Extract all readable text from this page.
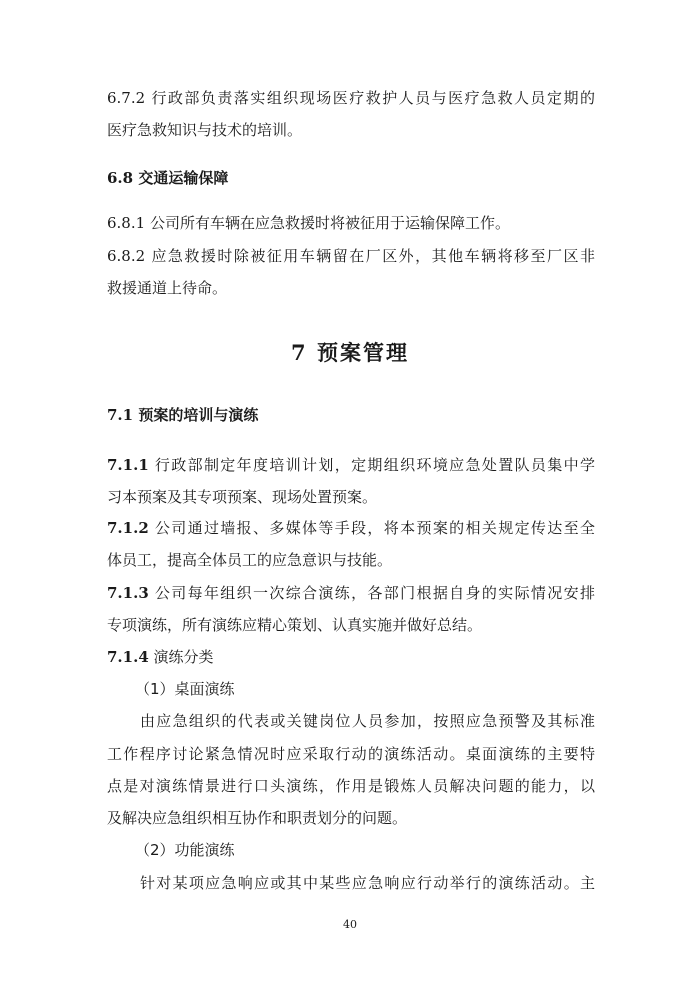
6.7.2 行政部负责落实组织现场医疗救护人员与医疗急救人员定期的
医疗急救知识与技术的培训。
6.8 交通运输保障
6.8.1 公司所有车辆在应急救援时将被征用于运输保障工作。
6.8.2 应急救援时除被征用车辆留在厂区外，其他车辆将移至厂区非
救援通道上待命。
7 预案管理
7.1 预案的培训与演练
7.1.1 行政部制定年度培训计划，定期组织环境应急处置队员集中学
习本预案及其专项预案、现场处置预案。
7.1.2 公司通过墙报、多媒体等手段，将本预案的相关规定传达至全
体员工，提高全体员工的应急意识与技能。
7.1.3 公司每年组织一次综合演练，各部门根据自身的实际情况安排
专项演练，所有演练应精心策划、认真实施并做好总结。
7.1.4 演练分类
（1）桌面演练
由应急组织的代表或关键岗位人员参加，按照应急预警及其标准
工作程序讨论紧急情况时应采取行动的演练活动。桌面演练的主要特
点是对演练情景进行口头演练，作用是锻炼人员解决问题的能力，以
及解决应急组织相互协作和职责划分的问题。
（2）功能演练
针对某项应急响应或其中某些应急响应行动举行的演练活动。主
40
